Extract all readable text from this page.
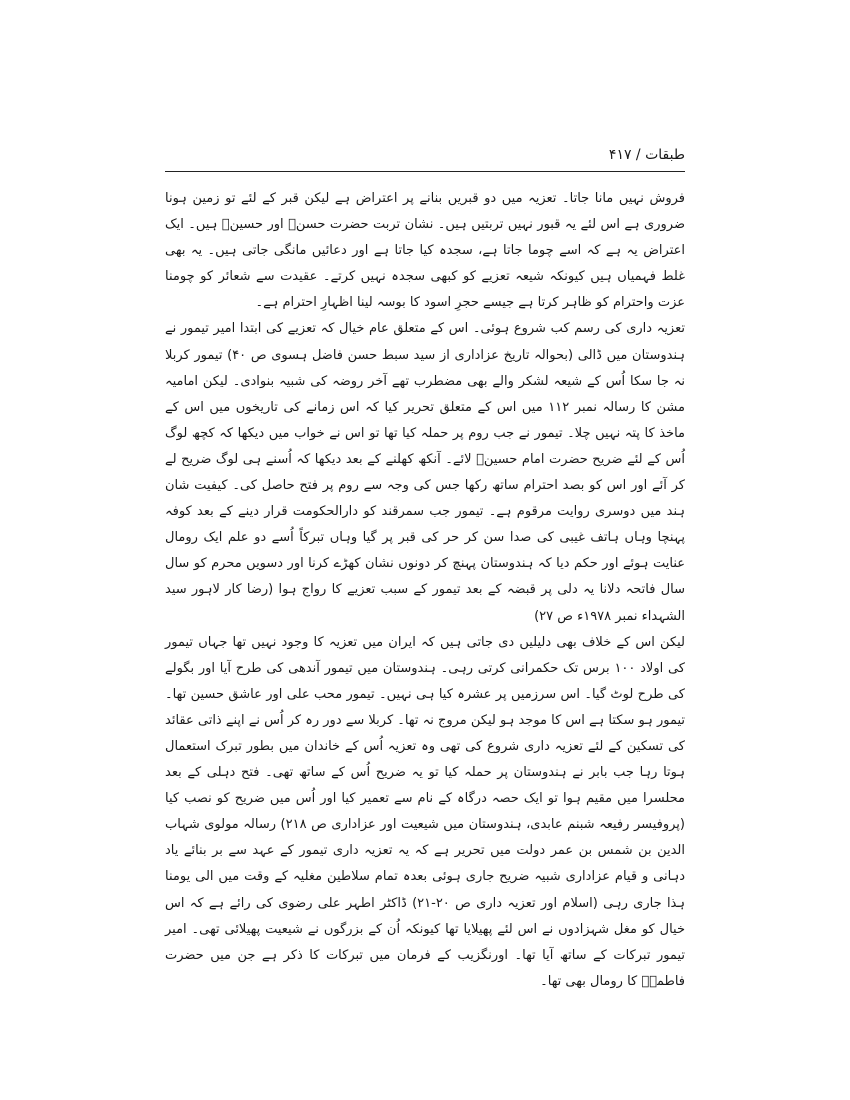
طبقات / ۴۱۷

فروش نہیں مانا جاتا۔ تعزیہ میں دو قبریں بنانے پر اعتراض ہے لیکن قبر کے لئے تو زمین ہونا ضروری ہے اس لئے یہ قبور نہیں تربتیں ہیں۔ نشان تربت حضرت حسنؑ اور حسینؑ ہیں۔ ایک اعتراض یہ ہے کہ اسے چوما جاتا ہے، سجدہ کیا جاتا ہے اور دعائیں مانگی جاتی ہیں۔ یہ بھی غلط فہمیاں ہیں کیونکہ شیعہ تعزیے کو کبھی سجدہ نہیں کرتے۔ عقیدت سے شعائر کو چومنا عزت واحترام کو ظاہر کرتا ہے جیسے حجرِ اسود کا بوسہ لینا اظہارِ احترام ہے۔

تعزیہ داری کی رسم کب شروع ہوئی۔ اس کے متعلق عام خیال کہ تعزیے کی ابتدا امیر تیمور نے ہندوستان میں ڈالی (بحوالہ تاریخ عزاداری از سید سبط حسن فاضل ہسوی ص ۴۰) تیمور کربلا نہ جا سکا اُس کے شیعہ لشکر والے بھی مضطرب تھے آخر روضہ کی شبیہ بنوادی۔ لیکن امامیہ مشن کا رسالہ نمبر ۱۱۲ میں اس کے متعلق تحریر کیا کہ اس زمانے کی تاریخوں میں اس کے ماخذ کا پتہ نہیں چلا۔ تیمور نے جب روم پر حملہ کیا تھا تو اس نے خواب میں دیکھا کہ کچھ لوگ اُس کے لئے ضریح حضرت امام حسینؑ لائے۔ آنکھ کھلنے کے بعد دیکھا کہ اُسنے ہی لوگ ضریح لے کر آئے اور اس کو بصد احترام ساتھ رکھا جس کی وجہ سے روم پر فتح حاصل کی۔ کیفیت شان ہند میں دوسری روایت مرقوم ہے۔ تیمور جب سمرقند کو دارالحکومت قرار دینے کے بعد کوفہ پہنچا وہاں ہاتف غیبی کی صدا سن کر حر کی قبر پر گیا وہاں تبرکاً اُسے دو علم ایک رومال عنایت ہوئے اور حکم دیا کہ ہندوستان پہنچ کر دونوں نشان کھڑے کرنا اور دسویں محرم کو سال سال فاتحہ دلانا یہ دلی پر قبضہ کے بعد تیمور کے سبب تعزیے کا رواج ہوا (رضا کار لاہور سید الشہداء نمبر ۱۹۷۸ء ص ۲۷)

لیکن اس کے خلاف بھی دلیلیں دی جاتی ہیں کہ ایران میں تعزیہ کا وجود نہیں تھا جہاں تیمور کی اولاد ۱۰۰ برس تک حکمرانی کرتی رہی۔ ہندوستان میں تیمور آندھی کی طرح آیا اور بگولے کی طرح لوٹ گیا۔ اس سرزمیں پر عشرہ کیا ہی نہیں۔ تیمور محب علی اور عاشق حسین تھا۔ تیمور ہو سکتا ہے اس کا موجد ہو لیکن مروج نہ تھا۔ کربلا سے دور رہ کر اُس نے اپنے ذاتی عقائد کی تسکین کے لئے تعزیہ داری شروع کی تھی وہ تعزیہ اُس کے خاندان میں بطور تبرک استعمال ہوتا رہا جب بابر نے ہندوستان پر حملہ کیا تو یہ ضریح اُس کے ساتھ تھی۔ فتح دہلی کے بعد محلسرا میں مقیم ہوا تو ایک حصہ درگاہ کے نام سے تعمیر کیا اور اُس میں ضریح کو نصب کیا (پروفیسر رفیعہ شبنم عابدی، ہندوستان میں شیعیت اور عزاداری ص ۲۱۸) رسالہ مولوی شہاب الدین بن شمس بن عمر دولت میں تحریر ہے کہ یہ تعزیہ داری تیمور کے عہد سے بر بنائے یاد دہانی و قیام عزاداری شبیہ ضریح جاری ہوئی بعدہ تمام سلاطین مغلیہ کے وقت میں الی یومنا ہذا جاری رہی (اسلام اور تعزیہ داری ص ۲۰-۲۱) ڈاکٹر اطہر علی رضوی کی رائے ہے کہ اس خیال کو مغل شہزادوں نے اس لئے پھیلایا تھا کیونکہ اُن کے بزرگوں نے شیعیت پھیلائی تھی۔ امیر تیمور تبرکات کے ساتھ آیا تھا۔ اورنگزیب کے فرمان میں تبرکات کا ذکر ہے جن میں حضرت فاطمہؑ کا رومال بھی تھا۔
